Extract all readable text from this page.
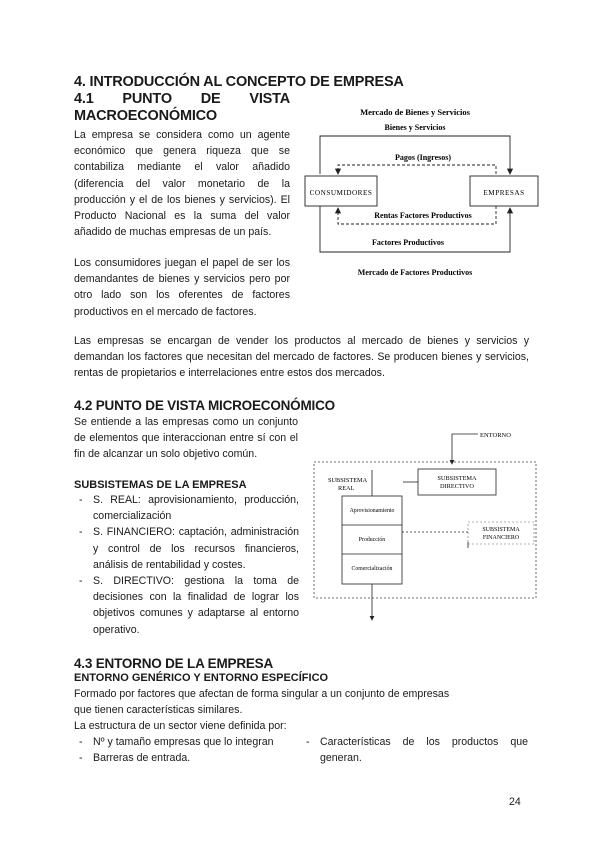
4. INTRODUCCIÓN AL CONCEPTO DE EMPRESA
4.1 PUNTO DE VISTA
MACROECONÓMICO
La empresa se considera como un agente económico que genera riqueza que se contabiliza mediante el valor añadido (diferencia del valor monetario de la producción y el de los bienes y servicios). El Producto Nacional es la suma del valor añadido de muchas empresas de un país.
Los consumidores juegan el papel de ser los demandantes de bienes y servicios pero por otro lado son los oferentes de factores productivos en el mercado de factores.
Mercado de Bienes y Servicios
Bienes y Servicios
Pagos (Ingresos)
CONSUMIDORES	EMPRESAS
Rentas Factores Productivos
Factores Productivos
Mercado de Factores Productivos
Las empresas se encargan de vender los productos al mercado de bienes y servicios y demandan los factores que necesitan del mercado de factores. Se producen bienes y servicios, rentas de propietarios e interrelaciones entre estos dos mercados.
4.2 PUNTO DE VISTA MICROECONÓMICO
Se entiende a las empresas como un conjunto de elementos que interaccionan entre sí con el fin de alcanzar un solo objetivo común.
SUBSISTEMAS DE LA EMPRESA
- S. REAL: aprovisionamiento, producción, comercialización
- S. FINANCIERO: captación, administración y control de los recursos financieros, análisis de rentabilidad y costes.
- S. DIRECTIVO: gestiona la toma de decisiones con la finalidad de lograr los objetivos comunes y adaptarse al entorno operativo.
ENTORNO
SUBSISTEMA
REAL
SUBSISTEMA
DIRECTIVO
Aprovisionamiento
Producción
Comercialización
SUBSISTEMA
FINANCIERO
4.3 ENTORNO DE LA EMPRESA
ENTORNO GENÉRICO Y ENTORNO ESPECÍFICO
Formado por factores que afectan de forma singular a un conjunto de empresas
que tienen características similares.
La estructura de un sector viene definida por:
- Nº y tamaño empresas que lo integran
- Barreras de entrada.
- Características de los productos que
generan.
24
